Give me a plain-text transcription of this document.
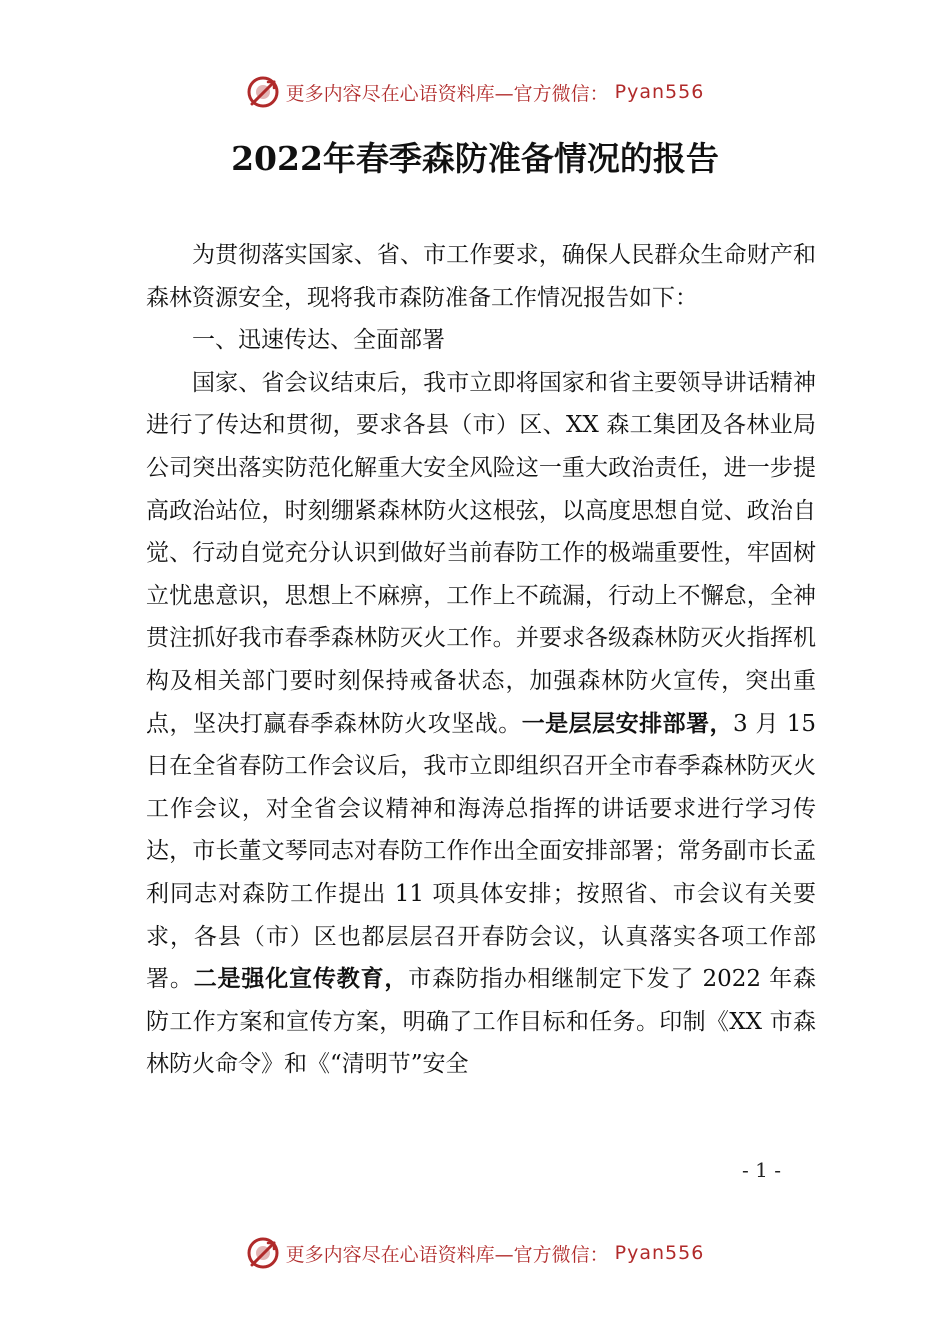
更多内容尽在心语资料库—官方微信： Pyan556
2022年春季森防准备情况的报告

为贯彻落实国家、省、市工作要求，确保人民群众生命财产和森林资源安全，现将我市森防准备工作情况报告如下：

一、迅速传达、全面部署

国家、省会议结束后，我市立即将国家和省主要领导讲话精神进行了传达和贯彻，要求各县（市）区、XX 森工集团及各林业局公司突出落实防范化解重大安全风险这一重大政治责任，进一步提高政治站位，时刻绷紧森林防火这根弦，以高度思想自觉、政治自觉、行动自觉充分认识到做好当前春防工作的极端重要性，牢固树立忧患意识，思想上不麻痹，工作上不疏漏，行动上不懈怠，全神贯注抓好我市春季森林防灭火工作。并要求各级森林防灭火指挥机构及相关部门要时刻保持戒备状态，加强森林防火宣传，突出重点，坚决打赢春季森林防火攻坚战。一是层层安排部署，3 月 15 日在全省春防工作会议后，我市立即组织召开全市春季森林防灭火工作会议，对全省会议精神和海涛总指挥的讲话要求进行学习传达，市长董文琴同志对春防工作作出全面安排部署；常务副市长孟利同志对森防工作提出 11 项具体安排；按照省、市会议有关要求，各县（市）区也都层层召开春防会议，认真落实各项工作部署。二是强化宣传教育，市森防指办相继制定下发了 2022 年森防工作方案和宣传方案，明确了工作目标和任务。印制《XX 市森林防火命令》和《“清明节”安全

- 1 -
更多内容尽在心语资料库—官方微信： Pyan556
